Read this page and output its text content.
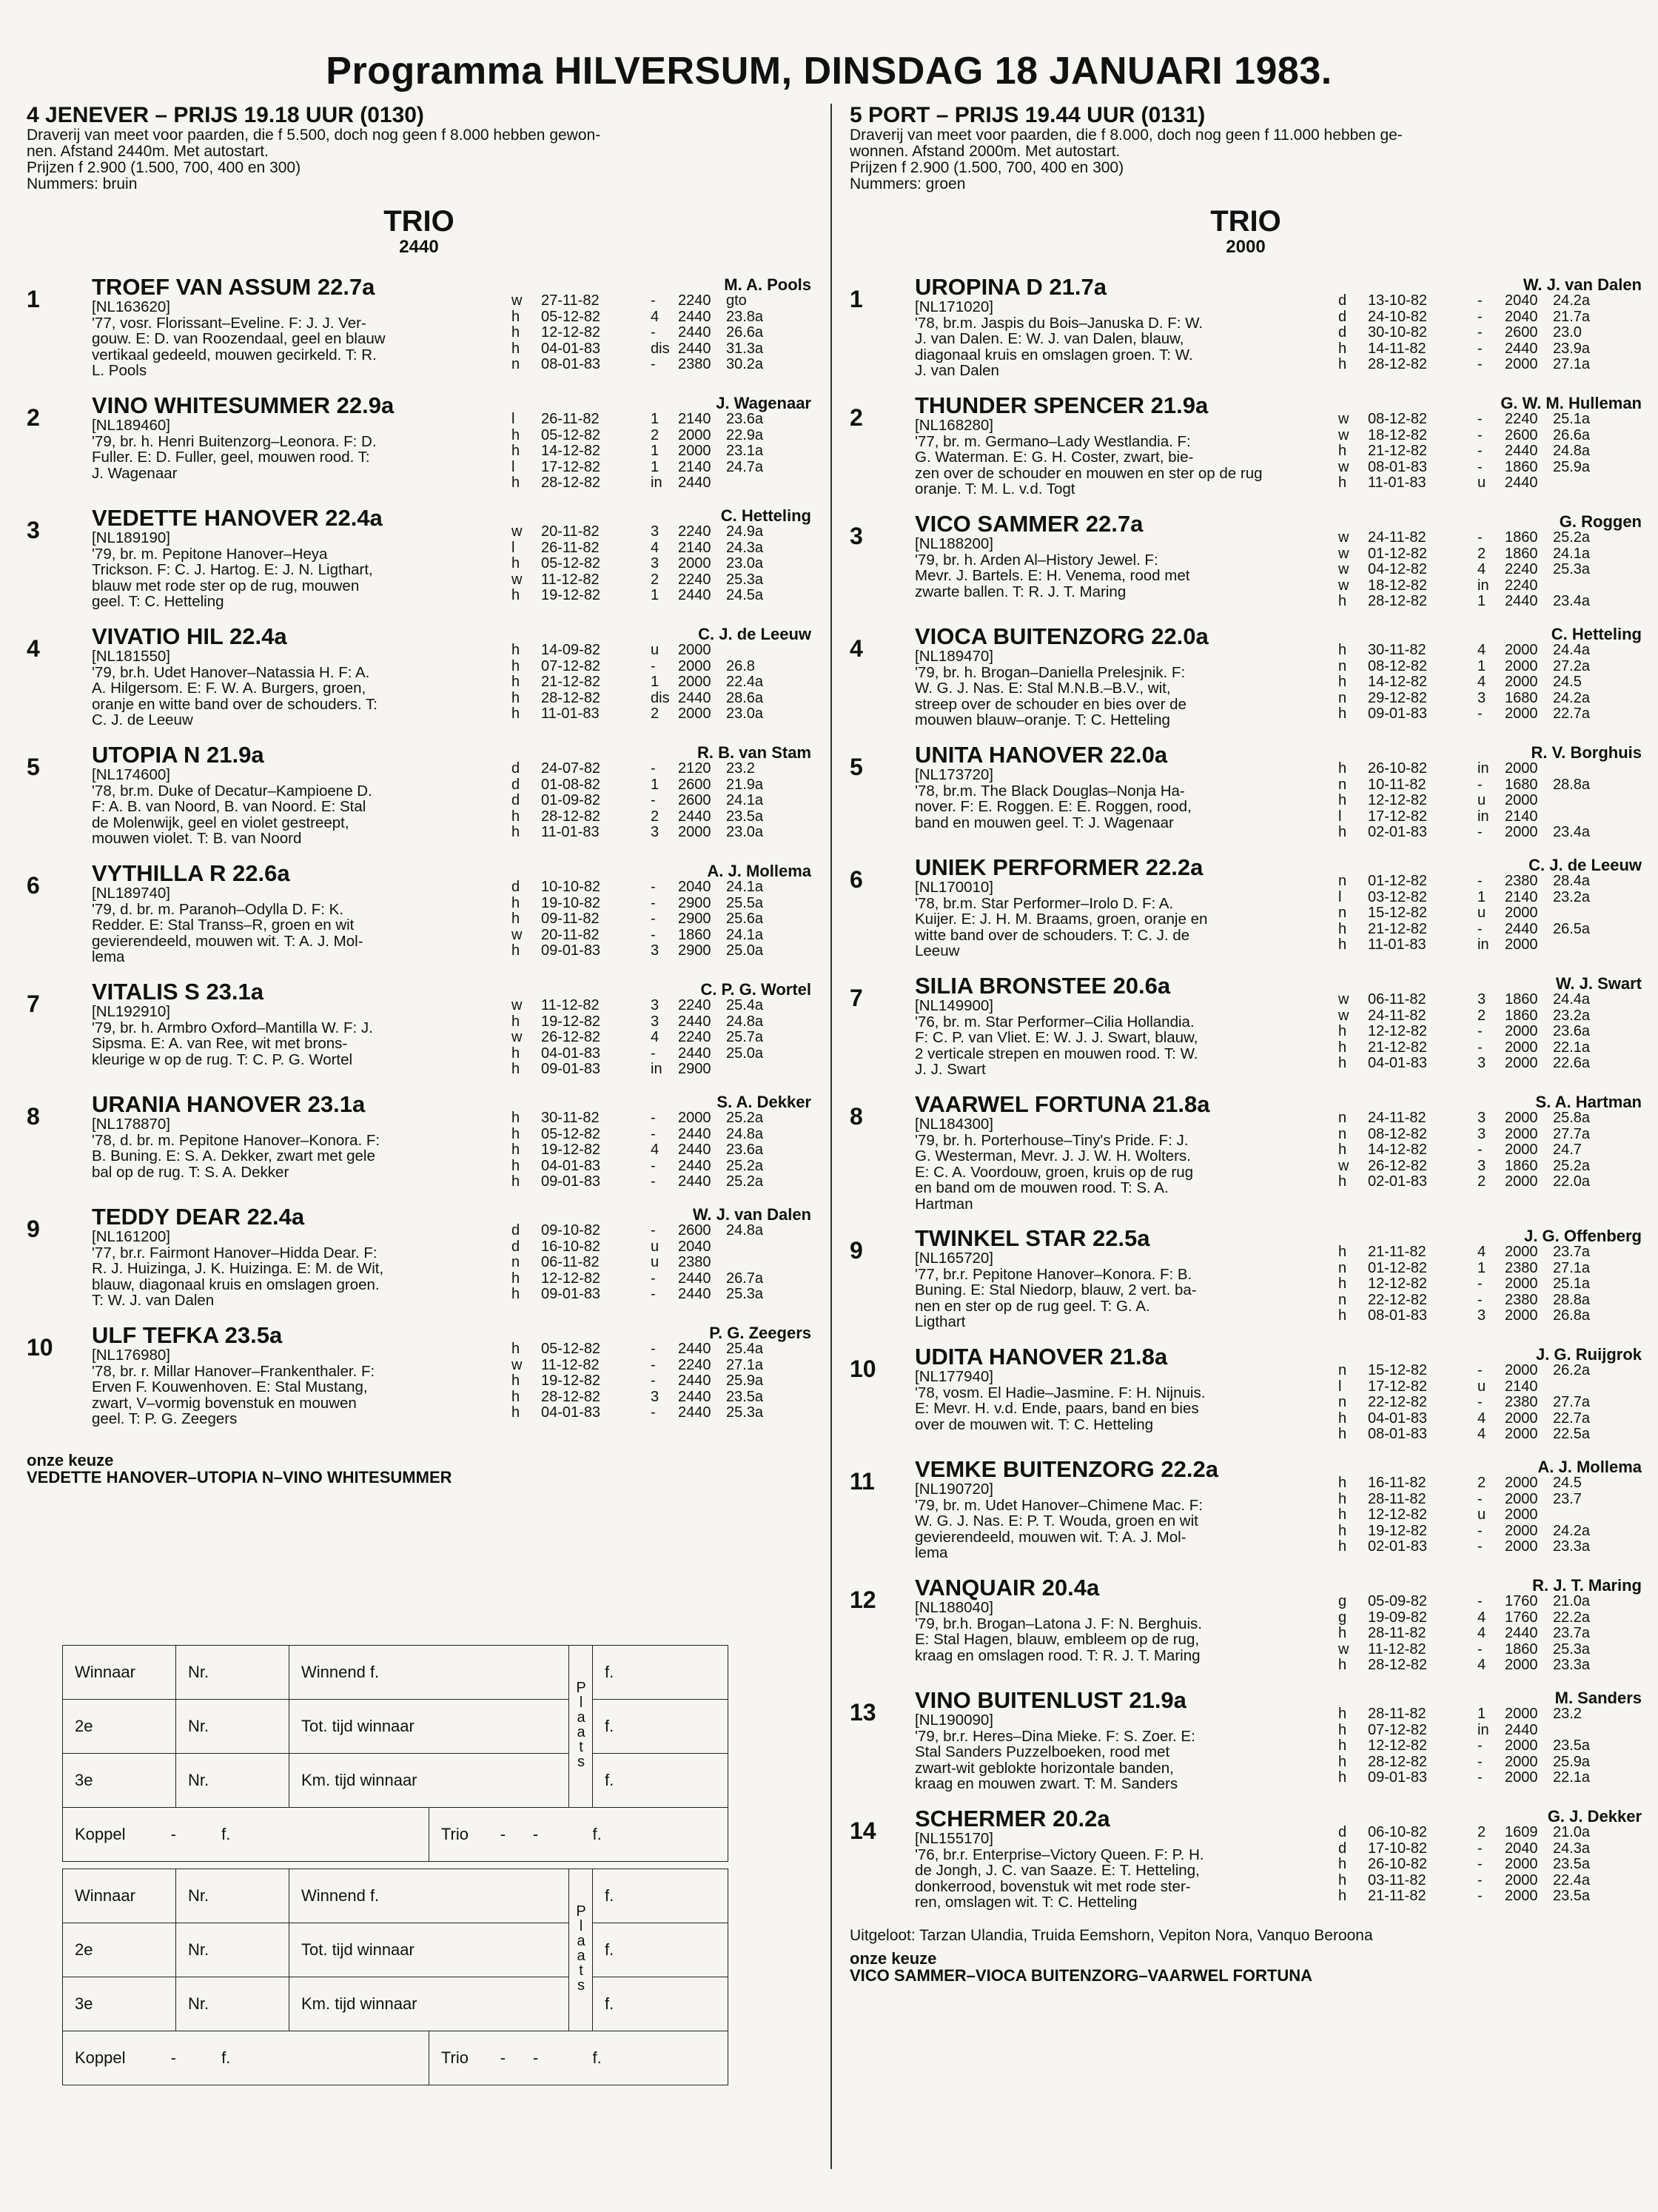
Programma HILVERSUM, DINSDAG 18 JANUARI 1983.
4 JENEVER – PRIJS 19.18 UUR (0130)
Draverij van meet voor paarden, die f 5.500, doch nog geen f 8.000 hebben gewon-
nen. Afstand 2440m. Met autostart.
Prijzen f 2.900 (1.500, 700, 400 en 300)
Nummers: bruin
TRIO
2440
1
M. A. Pools
TROEF VAN ASSUM 22.7a
[NL163620]
'77, vosr. Florissant–Eveline. F: J. J. Ver-
gouw. E: D. van Roozendaal, geel en blauw
vertikaal gedeeld, mouwen gecirkeld. T: R.
L. Pools
w 27-11-82	- 2240 gto
h 05-12-82	4 2440 23.8a
h 12-12-82	- 2440 26.6a
h 04-01-83	dis 2440 31.3a
n 08-01-83	- 2380 30.2a
2
J. Wagenaar
VINO WHITESUMMER 22.9a
[NL189460]
'79, br. h. Henri Buitenzorg–Leonora. F: D.
Fuller. E: D. Fuller, geel, mouwen rood. T:
J. Wagenaar
l 26-11-82	1 2140 23.6a
h 05-12-82	2 2000 22.9a
h 14-12-82	1 2000 23.1a
l 17-12-82	1 2140 24.7a
h 28-12-82	in 2440
3
C. Hetteling
VEDETTE HANOVER 22.4a
[NL189190]
'79, br. m. Pepitone Hanover–Heya
Trickson. F: C. J. Hartog. E: J. N. Ligthart,
blauw met rode ster op de rug, mouwen
geel. T: C. Hetteling
w 20-11-82	3 2240 24.9a
l 26-11-82	4 2140 24.3a
h 05-12-82	3 2000 23.0a
w 11-12-82	2 2240 25.3a
h 19-12-82	1 2440 24.5a
4
C. J. de Leeuw
VIVATIO HIL 22.4a
[NL181550]
'79, br.h. Udet Hanover–Natassia H. F: A.
A. Hilgersom. E: F. W. A. Burgers, groen,
oranje en witte band over de schouders. T:
C. J. de Leeuw
h 14-09-82	u 2000
h 07-12-82	- 2000 26.8
h 21-12-82	1 2000 22.4a
h 28-12-82	dis 2440 28.6a
h 11-01-83	2 2000 23.0a
5
R. B. van Stam
UTOPIA N 21.9a
[NL174600]
'78, br.m. Duke of Decatur–Kampioene D.
F: A. B. van Noord, B. van Noord. E: Stal
de Molenwijk, geel en violet gestreept,
mouwen violet. T: B. van Noord
d 24-07-82	- 2120 23.2
d 01-08-82	1 2600 21.9a
d 01-09-82	- 2600 24.1a
h 28-12-82	2 2440 23.5a
h 11-01-83	3 2000 23.0a
6
A. J. Mollema
VYTHILLA R 22.6a
[NL189740]
'79, d. br. m. Paranoh–Odylla D. F: K.
Redder. E: Stal Transs–R, groen en wit
gevierendeeld, mouwen wit. T: A. J. Mol-
lema
d 10-10-82	- 2040 24.1a
h 19-10-82	- 2900 25.5a
h 09-11-82	- 2900 25.6a
w 20-11-82	- 1860 24.1a
h 09-01-83	3 2900 25.0a
7
C. P. G. Wortel
VITALIS S 23.1a
[NL192910]
'79, br. h. Armbro Oxford–Mantilla W. F: J.
Sipsma. E: A. van Ree, wit met brons-
kleurige w op de rug. T: C. P. G. Wortel
w 11-12-82	3 2240 25.4a
h 19-12-82	3 2440 24.8a
w 26-12-82	4 2240 25.7a
h 04-01-83	- 2440 25.0a
h 09-01-83	in 2900
8
S. A. Dekker
URANIA HANOVER 23.1a
[NL178870]
'78, d. br. m. Pepitone Hanover–Konora. F:
B. Buning. E: S. A. Dekker, zwart met gele
bal op de rug. T: S. A. Dekker
h 30-11-82	- 2000 25.2a
h 05-12-82	- 2440 24.8a
h 19-12-82	4 2440 23.6a
h 04-01-83	- 2440 25.2a
h 09-01-83	- 2440 25.2a
9
W. J. van Dalen
TEDDY DEAR 22.4a
[NL161200]
'77, br.r. Fairmont Hanover–Hidda Dear. F:
R. J. Huizinga, J. K. Huizinga. E: M. de Wit,
blauw, diagonaal kruis en omslagen groen.
T: W. J. van Dalen
d 09-10-82	- 2600 24.8a
d 16-10-82	u 2040
n 06-11-82	u 2380
h 12-12-82	- 2440 26.7a
h 09-01-83	- 2440 25.3a
10
P. G. Zeegers
ULF TEFKA 23.5a
[NL176980]
'78, br. r. Millar Hanover–Frankenthaler. F:
Erven F. Kouwenhoven. E: Stal Mustang,
zwart, V–vormig bovenstuk en mouwen
geel. T: P. G. Zeegers
h 05-12-82	- 2440 25.4a
w 11-12-82	- 2240 27.1a
h 19-12-82	- 2440 25.9a
h 28-12-82	3 2440 23.5a
h 04-01-83	- 2440 25.3a
onze keuze
VEDETTE HANOVER–UTOPIA N–VINO WHITESUMMER
5 PORT – PRIJS 19.44 UUR (0131)
Draverij van meet voor paarden, die f 8.000, doch nog geen f 11.000 hebben ge-
wonnen. Afstand 2000m. Met autostart.
Prijzen f 2.900 (1.500, 700, 400 en 300)
Nummers: groen
TRIO
2000
1
W. J. van Dalen
UROPINA D 21.7a
[NL171020]
'78, br.m. Jaspis du Bois–Januska D. F: W.
J. van Dalen. E: W. J. van Dalen, blauw,
diagonaal kruis en omslagen groen. T: W.
J. van Dalen
d 13-10-82	- 2040 24.2a
d 24-10-82	- 2040 21.7a
d 30-10-82	- 2600 23.0
h 14-11-82	- 2440 23.9a
h 28-12-82	- 2000 27.1a
2
G. W. M. Hulleman
THUNDER SPENCER 21.9a
[NL168280]
'77, br. m. Germano–Lady Westlandia. F:
G. Waterman. E: G. H. Coster, zwart, bie-
zen over de schouder en mouwen en ster op de rug
oranje. T: M. L. v.d. Togt
w 08-12-82	- 2240 25.1a
w 18-12-82	- 2600 26.6a
h 21-12-82	- 2440 24.8a
w 08-01-83	- 1860 25.9a
h 11-01-83	u 2440
3
G. Roggen
VICO SAMMER 22.7a
[NL188200]
'79, br. h. Arden Al–History Jewel. F:
Mevr. J. Bartels. E: H. Venema, rood met
zwarte ballen. T: R. J. T. Maring
w 24-11-82	- 1860 25.2a
w 01-12-82	2 1860 24.1a
w 04-12-82	4 2240 25.3a
w 18-12-82	in 2240
h 28-12-82	1 2440 23.4a
4
C. Hetteling
VIOCA BUITENZORG 22.0a
[NL189470]
'79, br. h. Brogan–Daniella Prelesjnik. F:
W. G. J. Nas. E: Stal M.N.B.–B.V., wit,
streep over de schouder en bies over de
mouwen blauw–oranje. T: C. Hetteling
h 30-11-82	4 2000 24.4a
n 08-12-82	1 2000 27.2a
h 14-12-82	4 2000 24.5
n 29-12-82	3 1680 24.2a
h 09-01-83	- 2000 22.7a
5
R. V. Borghuis
UNITA HANOVER 22.0a
[NL173720]
'78, br.m. The Black Douglas–Nonja Ha-
nover. F: E. Roggen. E: E. Roggen, rood,
band en mouwen geel. T: J. Wagenaar
h 26-10-82	in 2000
n 10-11-82	- 1680 28.8a
h 12-12-82	u 2000
l 17-12-82	in 2140
h 02-01-83	- 2000 23.4a
6
C. J. de Leeuw
UNIEK PERFORMER 22.2a
[NL170010]
'78, br.m. Star Performer–Irolo D. F: A.
Kuijer. E: J. H. M. Braams, groen, oranje en
witte band over de schouders. T: C. J. de
Leeuw
n 01-12-82	- 2380 28.4a
l 03-12-82	1 2140 23.2a
n 15-12-82	u 2000
h 21-12-82	- 2440 26.5a
h 11-01-83	in 2000
7
W. J. Swart
SILIA BRONSTEE 20.6a
[NL149900]
'76, br. m. Star Performer–Cilia Hollandia.
F: C. P. van Vliet. E: W. J. J. Swart, blauw,
2 verticale strepen en mouwen rood. T: W.
J. J. Swart
w 06-11-82	3 1860 24.4a
w 24-11-82	2 1860 23.2a
h 12-12-82	- 2000 23.6a
h 21-12-82	- 2000 22.1a
h 04-01-83	3 2000 22.6a
8
S. A. Hartman
VAARWEL FORTUNA 21.8a
[NL184300]
'79, br. h. Porterhouse–Tiny's Pride. F: J.
G. Westerman, Mevr. J. J. W. H. Wolters.
E: C. A. Voordouw, groen, kruis op de rug
en band om de mouwen rood. T: S. A.
Hartman
n 24-11-82	3 2000 25.8a
n 08-12-82	3 2000 27.7a
h 14-12-82	- 2000 24.7
w 26-12-82	3 1860 25.2a
h 02-01-83	2 2000 22.0a
9
J. G. Offenberg
TWINKEL STAR 22.5a
[NL165720]
'77, br.r. Pepitone Hanover–Konora. F: B.
Buning. E: Stal Niedorp, blauw, 2 vert. ba-
nen en ster op de rug geel. T: G. A.
Ligthart
h 21-11-82	4 2000 23.7a
n 01-12-82	1 2380 27.1a
h 12-12-82	- 2000 25.1a
n 22-12-82	- 2380 28.8a
h 08-01-83	3 2000 26.8a
10
J. G. Ruijgrok
UDITA HANOVER 21.8a
[NL177940]
'78, vosm. El Hadie–Jasmine. F: H. Nijnuis.
E: Mevr. H. v.d. Ende, paars, band en bies
over de mouwen wit. T: C. Hetteling
n 15-12-82	- 2000 26.2a
l 17-12-82	u 2140
n 22-12-82	- 2380 27.7a
h 04-01-83	4 2000 22.7a
h 08-01-83	4 2000 22.5a
11
A. J. Mollema
VEMKE BUITENZORG 22.2a
[NL190720]
'79, br. m. Udet Hanover–Chimene Mac. F:
W. G. J. Nas. E: P. T. Wouda, groen en wit
gevierendeeld, mouwen wit. T: A. J. Mol-
lema
h 16-11-82	2 2000 24.5
h 28-11-82	- 2000 23.7
h 12-12-82	u 2000
h 19-12-82	- 2000 24.2a
h 02-01-83	- 2000 23.3a
12
R. J. T. Maring
VANQUAIR 20.4a
[NL188040]
'79, br.h. Brogan–Latona J. F: N. Berghuis.
E: Stal Hagen, blauw, embleem op de rug,
kraag en omslagen rood. T: R. J. T. Maring
g 05-09-82	- 1760 21.0a
g 19-09-82	4 1760 22.2a
h 28-11-82	4 2440 23.7a
w 11-12-82	- 1860 25.3a
h 28-12-82	4 2000 23.3a
13
M. Sanders
VINO BUITENLUST 21.9a
[NL190090]
'79, br.r. Heres–Dina Mieke. F: S. Zoer. E:
Stal Sanders Puzzelboeken, rood met
zwart-wit geblokte horizontale banden,
kraag en mouwen zwart. T: M. Sanders
h 28-11-82	1 2000 23.2
h 07-12-82	in 2440
h 12-12-82	- 2000 23.5a
h 28-12-82	- 2000 25.9a
h 09-01-83	- 2000 22.1a
14
G. J. Dekker
SCHERMER 20.2a
[NL155170]
'76, br.r. Enterprise–Victory Queen. F: P. H.
de Jongh, J. C. van Saaze. E: T. Hetteling,
donkerrood, bovenstuk wit met rode ster-
ren, omslagen wit. T: C. Hetteling
d 06-10-82	2 1609 21.0a
d 17-10-82	- 2040 24.3a
h 26-10-82	- 2000 23.5a
h 03-11-82	- 2000 22.4a
h 21-11-82	- 2000 23.5a
Uitgeloot: Tarzan Ulandia, Truida Eemshorn, Vepiton Nora, Vanquo Beroona
onze keuze
VICO SAMMER–VIOCA BUITENZORG–VAARWEL FORTUNA
Winnaar	Nr.	Winnend f.		Plaats	f.
2e	Nr.	Tot. tijd winnaar			f.
3e	Nr.	Km. tijd winnaar			f.
Koppel - f.			Trio - - f.		
Winnaar	Nr.	Winnend f.		Plaats	f.
2e	Nr.	Tot. tijd winnaar			f.
3e	Nr.	Km. tijd winnaar			f.
Koppel - f.			Trio - - f.		
